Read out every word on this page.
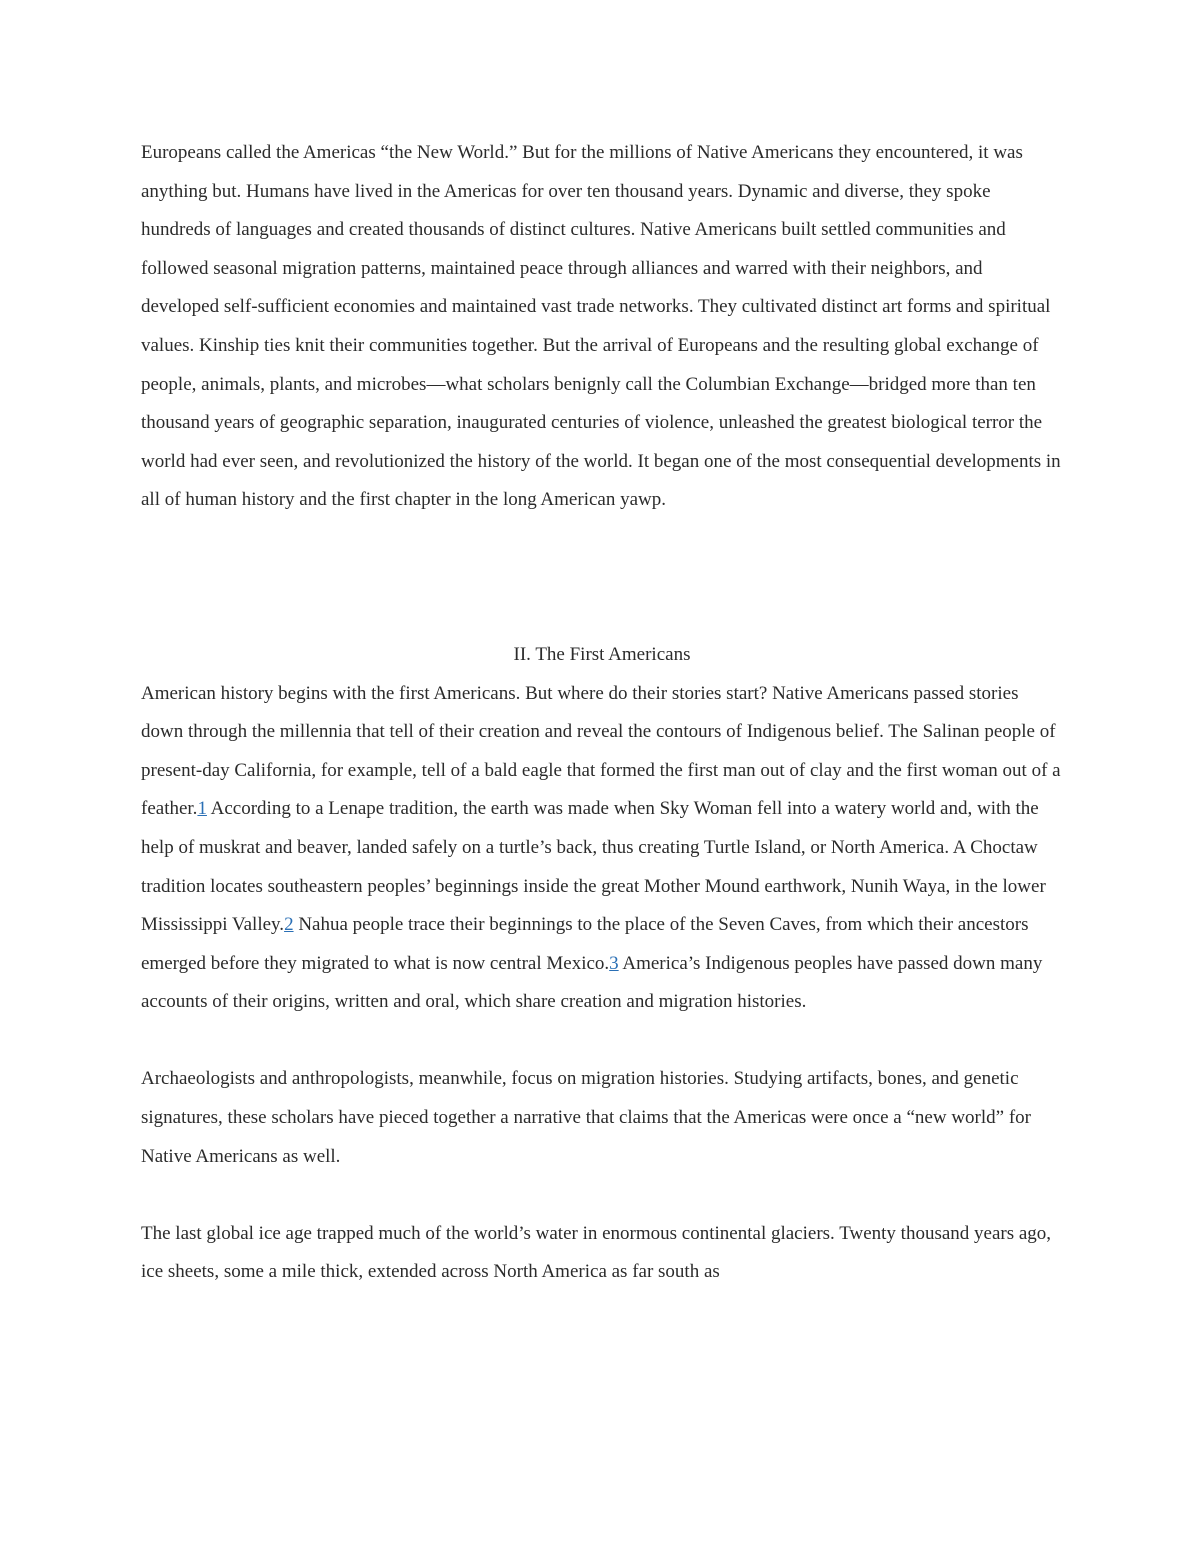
Europeans called the Americas “the New World.” But for the millions of Native Americans they encountered, it was anything but. Humans have lived in the Americas for over ten thousand years. Dynamic and diverse, they spoke hundreds of languages and created thousands of distinct cultures. Native Americans built settled communities and followed seasonal migration patterns, maintained peace through alliances and warred with their neighbors, and developed self-sufficient economies and maintained vast trade networks. They cultivated distinct art forms and spiritual values. Kinship ties knit their communities together. But the arrival of Europeans and the resulting global exchange of people, animals, plants, and microbes—what scholars benignly call the Columbian Exchange—bridged more than ten thousand years of geographic separation, inaugurated centuries of violence, unleashed the greatest biological terror the world had ever seen, and revolutionized the history of the world. It began one of the most consequential developments in all of human history and the first chapter in the long American yawp.

II. The First Americans

American history begins with the first Americans. But where do their stories start? Native Americans passed stories down through the millennia that tell of their creation and reveal the contours of Indigenous belief. The Salinan people of present-day California, for example, tell of a bald eagle that formed the first man out of clay and the first woman out of a feather.1 According to a Lenape tradition, the earth was made when Sky Woman fell into a watery world and, with the help of muskrat and beaver, landed safely on a turtle’s back, thus creating Turtle Island, or North America. A Choctaw tradition locates southeastern peoples’ beginnings inside the great Mother Mound earthwork, Nunih Waya, in the lower Mississippi Valley.2 Nahua people trace their beginnings to the place of the Seven Caves, from which their ancestors emerged before they migrated to what is now central Mexico.3 America’s Indigenous peoples have passed down many accounts of their origins, written and oral, which share creation and migration histories.

Archaeologists and anthropologists, meanwhile, focus on migration histories. Studying artifacts, bones, and genetic signatures, these scholars have pieced together a narrative that claims that the Americas were once a “new world” for Native Americans as well.

The last global ice age trapped much of the world’s water in enormous continental glaciers. Twenty thousand years ago, ice sheets, some a mile thick, extended across North America as far south as
